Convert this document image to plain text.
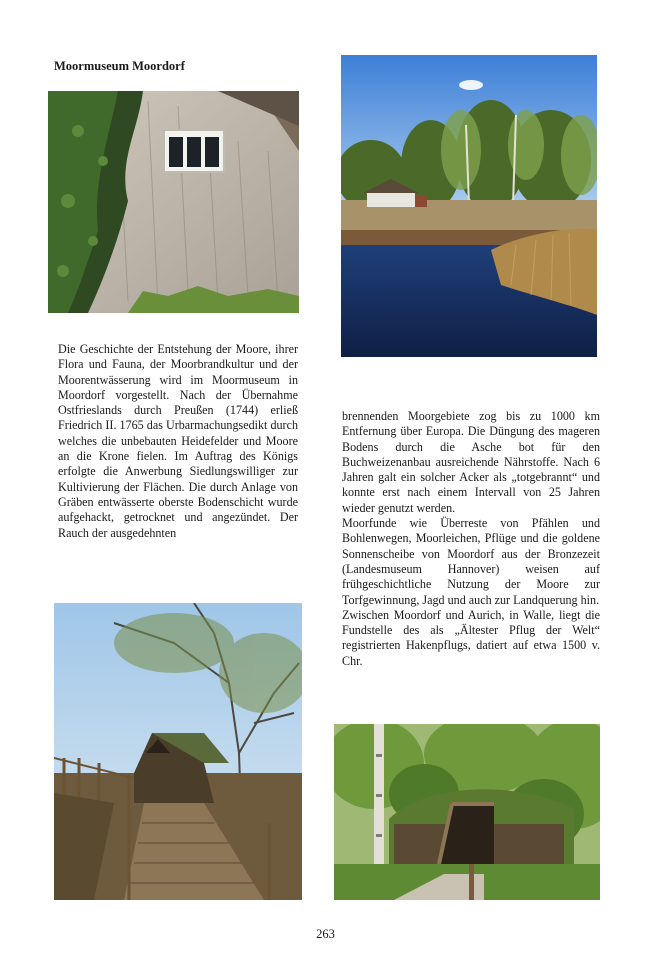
Moormuseum Moordorf

Die Geschichte der Entstehung der Moore, ihrer Flora und Fauna, der Moorbrandkultur und der Moorentwässerung wird im Moormuseum in Moordorf vorgestellt. Nach der Übernahme Ostfrieslands durch Preußen (1744) erließ Friedrich II. 1765 das Urbarmachungsedikt durch welches die unbebauten Heidefelder und Moore an die Krone fielen. Im Auftrag des Königs erfolgte die Anwerbung Siedlungswilliger zur Kultivierung der Flächen. Die durch Anlage von Gräben entwässerte oberste Bodenschicht wurde aufgehackt, getrocknet und angezündet. Der Rauch der ausgedehnten

brennenden Moorgebiete zog bis zu 1000 km Entfernung über Europa. Die Düngung des mageren Bodens durch die Asche bot für den Buchweizenanbau ausreichende Nährstoffe. Nach 6 Jahren galt ein solcher Acker als „totgebrannt“ und konnte erst nach einem Intervall von 25 Jahren wieder genutzt werden.

Moorfunde wie Überreste von Pfählen und Bohlenwegen, Moorleichen, Pflüge und die goldene Sonnenscheibe von Moordorf aus der Bronzezeit (Landesmuseum Hannover) weisen auf frühgeschichtliche Nutzung der Moore zur Torfgewinnung, Jagd und auch zur Landquerung hin.

Zwischen Moordorf und Aurich, in Walle, liegt die Fundstelle des als „Ältester Pflug der Welt“ registrierten Hakenpflugs, datiert auf etwa 1500 v. Chr.

263
